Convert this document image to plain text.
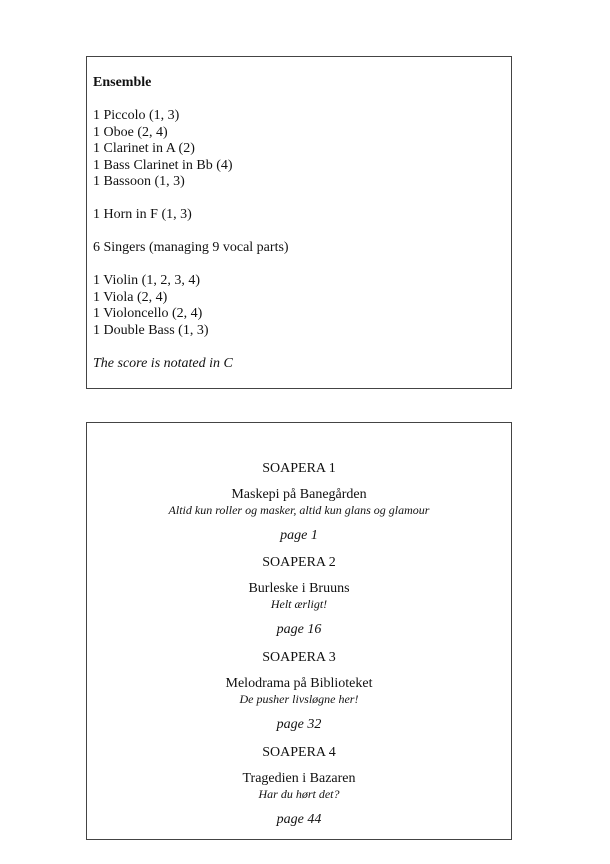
Ensemble
1 Piccolo (1, 3)
1 Oboe (2, 4)
1 Clarinet in A (2)
1 Bass Clarinet in Bb (4)
1 Bassoon (1, 3)
1 Horn in F (1, 3)
6 Singers (managing 9 vocal parts)
1 Violin (1, 2, 3, 4)
1 Viola (2, 4)
1 Violoncello (2, 4)
1 Double Bass (1, 3)
The score is notated in C
SOAPERA 1
Maskepi på Banegården
Altid kun roller og masker, altid kun glans og glamour
page 1
SOAPERA 2
Burleske i Bruuns
Helt ærligt!
page 16
SOAPERA 3
Melodrama på Biblioteket
De pusher livsløgne her!
page 32
SOAPERA 4
Tragedien i Bazaren
Har du hørt det?
page 44
